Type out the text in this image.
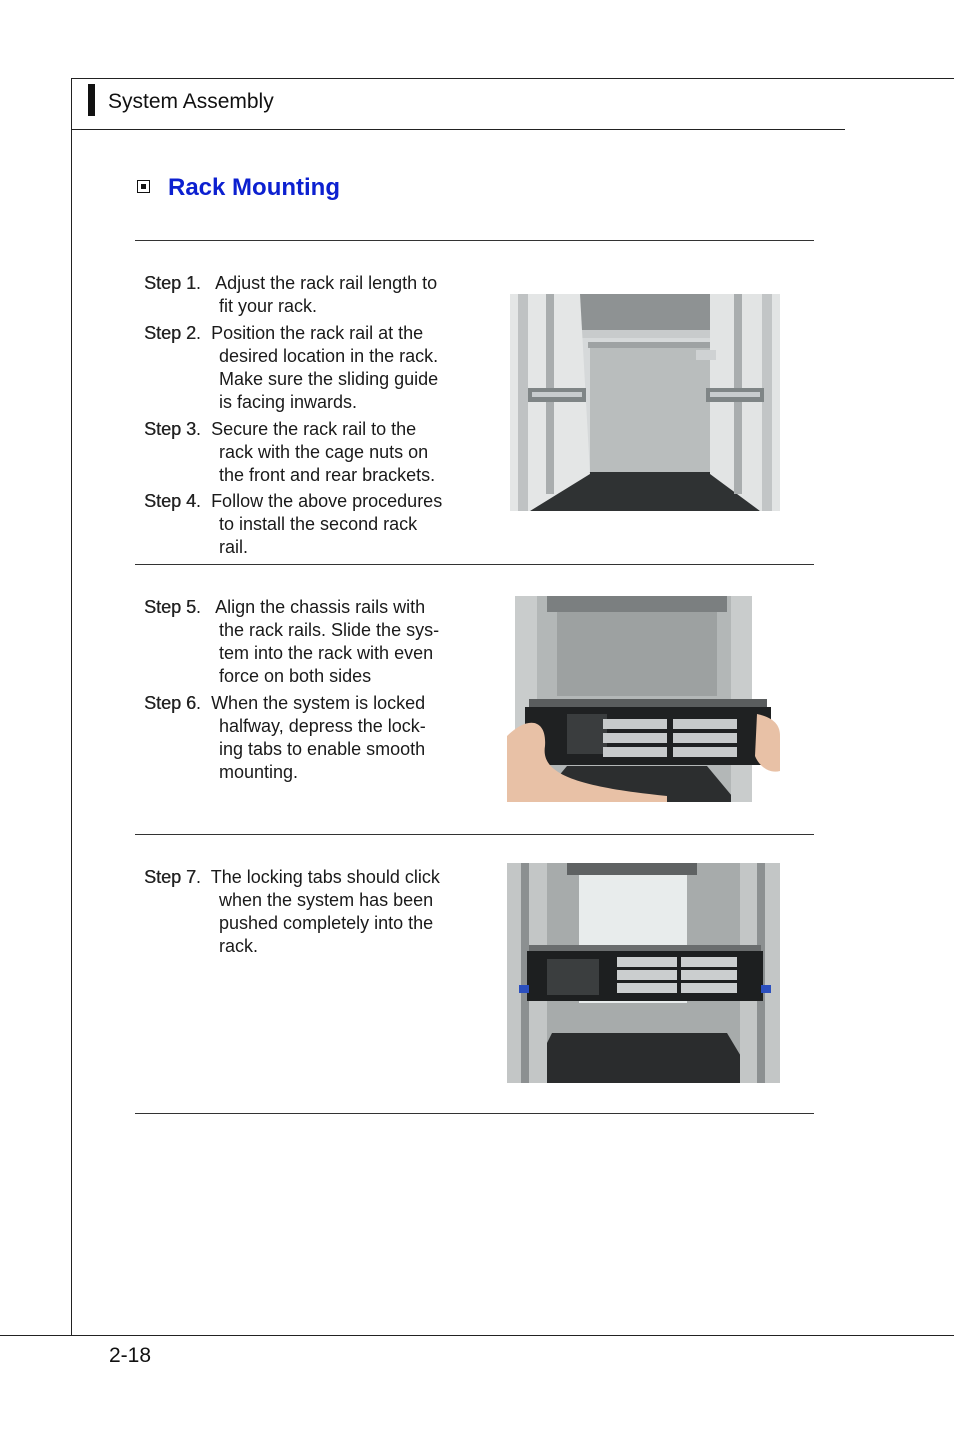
System Assembly
Rack Mounting
Step 1.   Adjust the rack rail length to
fit your rack.
Step 2.  Position the rack rail at the
desired location in the rack.
Make sure the sliding guide
is facing inwards.
Step 3.  Secure the rack rail to the
rack with the cage nuts on
the front and rear brackets.
Step 4.  Follow the above procedures
to install the second rack
rail.
Step 5.   Align the chassis rails with
the rack rails. Slide the sys-
tem into the rack with even
force on both sides
Step 6.  When the system is locked
halfway, depress the lock-
ing tabs to enable smooth
mounting.
Step 7.  The locking tabs should click
when the system has been
pushed completely into the
rack.
2-18
